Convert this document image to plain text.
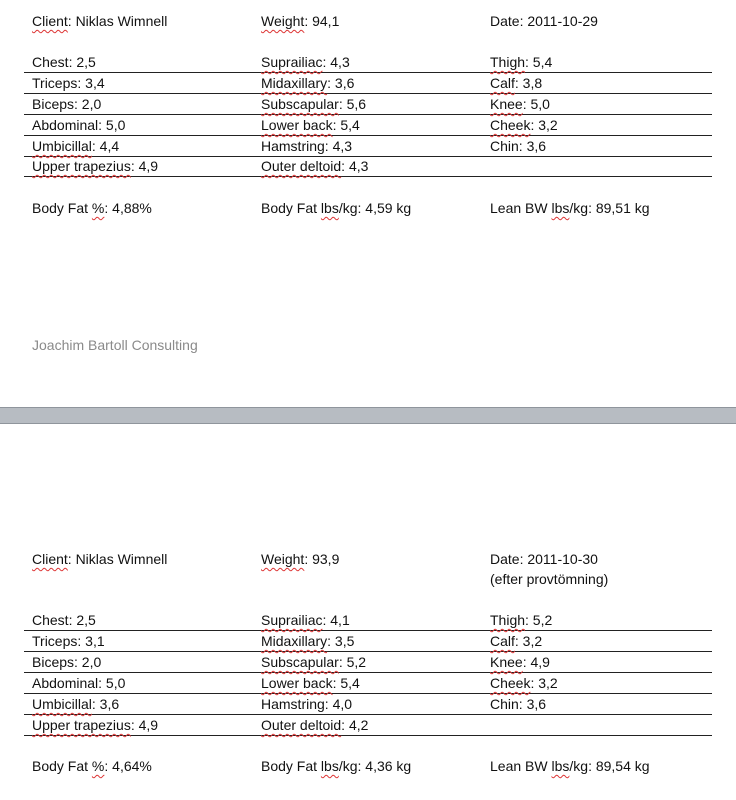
Client: Niklas Wimnell	Weight: 94,1	Date: 2011-10-29
Chest: 2,5	Suprailiac: 4,3	Thigh: 5,4
Triceps: 3,4	Midaxillary: 3,6	Calf: 3,8
Biceps: 2,0	Subscapular: 5,6	Knee: 5,0
Abdominal: 5,0	Lower back: 5,4	Cheek: 3,2
Umbicillal: 4,4	Hamstring: 4,3	Chin: 3,6
Upper trapezius: 4,9	Outer deltoid: 4,3
Body Fat %: 4,88%	Body Fat lbs/kg: 4,59 kg	Lean BW lbs/kg: 89,51 kg
Joachim Bartoll Consulting
Client: Niklas Wimnell	Weight: 93,9	Date: 2011-10-30
(efter provtömning)
Chest: 2,5	Suprailiac: 4,1	Thigh: 5,2
Triceps: 3,1	Midaxillary: 3,5	Calf: 3,2
Biceps: 2,0	Subscapular: 5,2	Knee: 4,9
Abdominal: 5,0	Lower back: 5,4	Cheek: 3,2
Umbicillal: 3,6	Hamstring: 4,0	Chin: 3,6
Upper trapezius: 4,9	Outer deltoid: 4,2
Body Fat %: 4,64%	Body Fat lbs/kg: 4,36 kg	Lean BW lbs/kg: 89,54 kg
